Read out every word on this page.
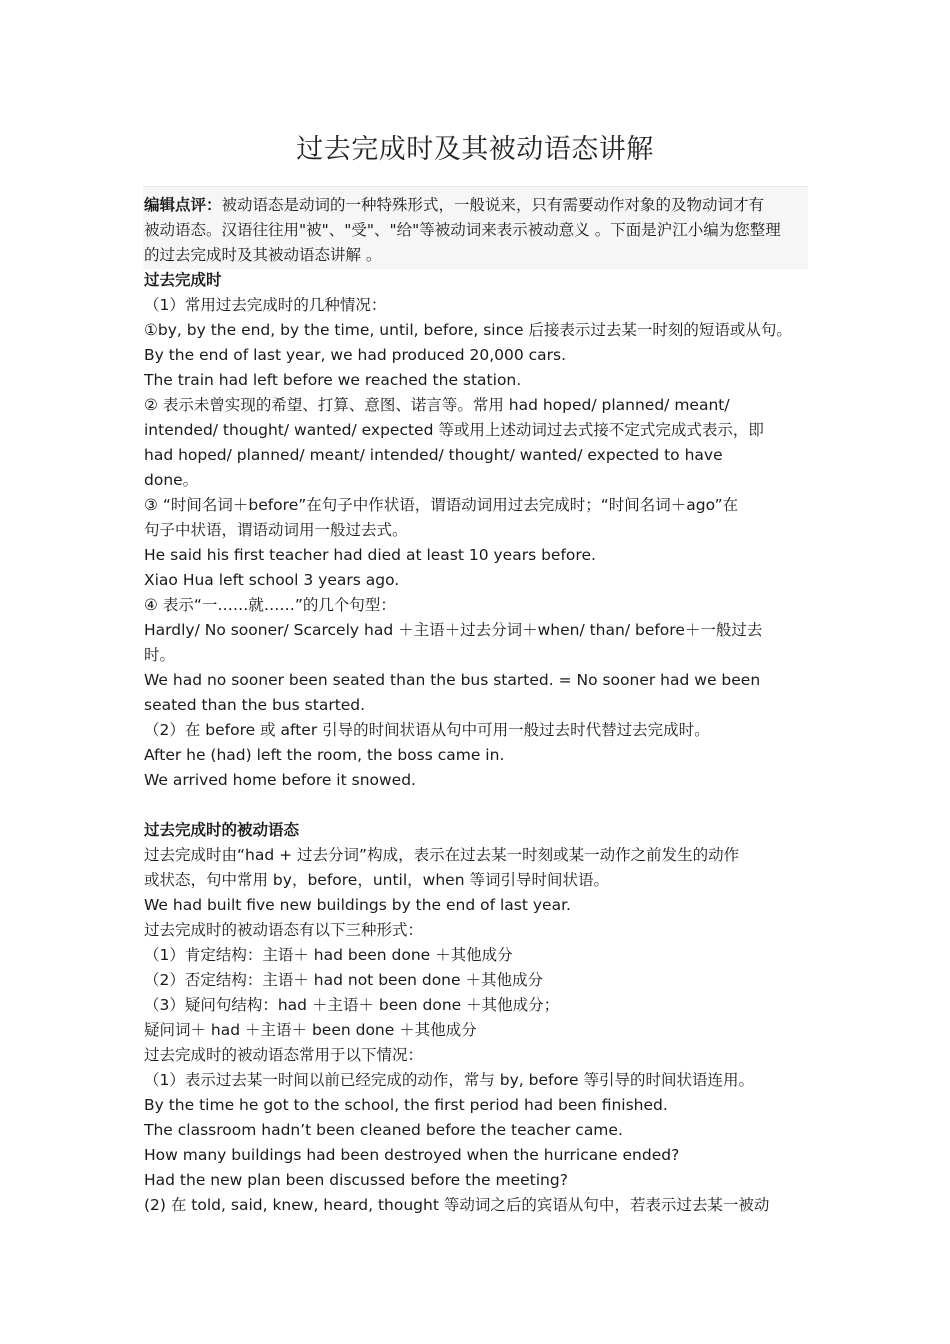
过去完成时及其被动语态讲解
编辑点评：被动语态是动词的一种特殊形式，一般说来，只有需要动作对象的及物动词才有
被动语态。汉语往往用"被"、"受"、"给"等被动词来表示被动意义 。下面是沪江小编为您整理
的过去完成时及其被动语态讲解 。
过去完成时
（1）常用过去完成时的几种情况：
①by, by the end, by the time, until, before, since 后接表示过去某一时刻的短语或从句。
By the end of last year, we had produced 20,000 cars.
The train had left before we reached the station.
② 表示未曾实现的希望、打算、意图、诺言等。常用 had hoped/ planned/ meant/
intended/ thought/ wanted/ expected 等或用上述动词过去式接不定式完成式表示，即
had hoped/ planned/ meant/ intended/ thought/ wanted/ expected to have
done。
③ “时间名词＋before”在句子中作状语，谓语动词用过去完成时；“时间名词＋ago”在
句子中状语，谓语动词用一般过去式。
He said his first teacher had died at least 10 years before.
Xiao Hua left school 3 years ago.
④ 表示“一……就……”的几个句型：
Hardly/ No sooner/ Scarcely had ＋主语＋过去分词＋when/ than/ before＋一般过去
时。
We had no sooner been seated than the bus started. = No sooner had we been
seated than the bus started.
（2）在 before 或 after 引导的时间状语从句中可用一般过去时代替过去完成时。
After he (had) left the room, the boss came in.
We arrived home before it snowed.
过去完成时的被动语态
过去完成时由“had + 过去分词”构成，表示在过去某一时刻或某一动作之前发生的动作
或状态，句中常用 by，before，until，when 等词引导时间状语。
We had built five new buildings by the end of last year.
过去完成时的被动语态有以下三种形式：
（1）肯定结构：主语＋ had been done ＋其他成分
（2）否定结构：主语＋ had not been done ＋其他成分
（3）疑问句结构：had ＋主语＋ been done ＋其他成分；
疑问词＋ had ＋主语＋ been done ＋其他成分
过去完成时的被动语态常用于以下情况：
（1）表示过去某一时间以前已经完成的动作，常与 by, before 等引导的时间状语连用。
By the time he got to the school, the first period had been finished.
The classroom hadn’t been cleaned before the teacher came.
How many buildings had been destroyed when the hurricane ended?
Had the new plan been discussed before the meeting?
(2) 在 told, said, knew, heard, thought 等动词之后的宾语从句中，若表示过去某一被动
